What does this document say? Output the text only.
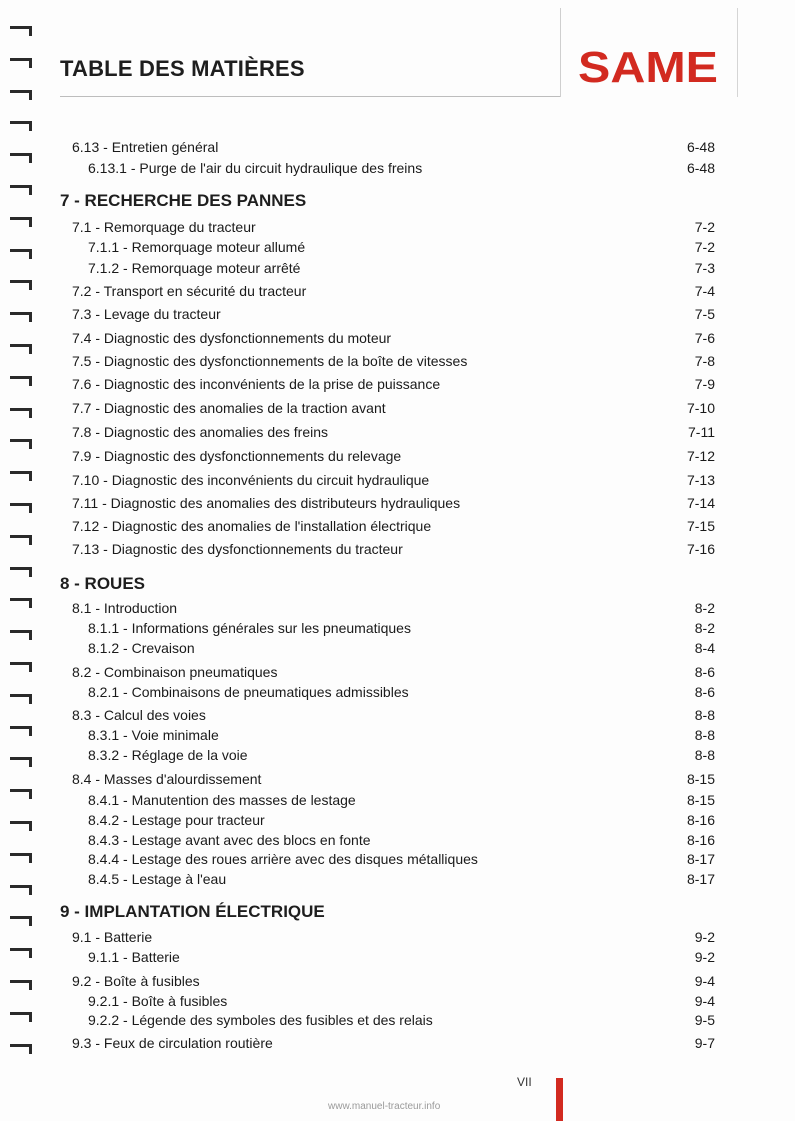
TABLE DES MATIÈRES	SAME
6.13 - Entretien général	6-48
6.13.1 - Purge de l'air du circuit hydraulique des freins	6-48
7 - RECHERCHE DES PANNES
7.1 - Remorquage du tracteur	7-2
7.1.1 - Remorquage moteur allumé	7-2
7.1.2 - Remorquage moteur arrêté	7-3
7.2 - Transport en sécurité du tracteur	7-4
7.3 - Levage du tracteur	7-5
7.4 - Diagnostic des dysfonctionnements du moteur	7-6
7.5 - Diagnostic des dysfonctionnements de la boîte de vitesses	7-8
7.6 - Diagnostic des inconvénients de la prise de puissance	7-9
7.7 - Diagnostic des anomalies de la traction avant	7-10
7.8 - Diagnostic des anomalies des freins	7-11
7.9 - Diagnostic des dysfonctionnements du relevage	7-12
7.10 - Diagnostic des inconvénients du circuit hydraulique	7-13
7.11 - Diagnostic des anomalies des distributeurs hydrauliques	7-14
7.12 - Diagnostic des anomalies de l'installation électrique	7-15
7.13 - Diagnostic des dysfonctionnements du tracteur	7-16
8 - ROUES
8.1 - Introduction	8-2
8.1.1 - Informations générales sur les pneumatiques	8-2
8.1.2 - Crevaison	8-4
8.2 - Combinaison pneumatiques	8-6
8.2.1 - Combinaisons de pneumatiques admissibles	8-6
8.3 - Calcul des voies	8-8
8.3.1 - Voie minimale	8-8
8.3.2 - Réglage de la voie	8-8
8.4 - Masses d'alourdissement	8-15
8.4.1 - Manutention des masses de lestage	8-15
8.4.2 - Lestage pour tracteur	8-16
8.4.3 - Lestage avant avec des blocs en fonte	8-16
8.4.4 - Lestage des roues arrière avec des disques métalliques	8-17
8.4.5 - Lestage à l'eau	8-17
9 - IMPLANTATION ÉLECTRIQUE
9.1 - Batterie	9-2
9.1.1 - Batterie	9-2
9.2 - Boîte à fusibles	9-4
9.2.1 - Boîte à fusibles	9-4
9.2.2 - Légende des symboles des fusibles et des relais	9-5
9.3 - Feux de circulation routière	9-7
VII
www.manuel-tracteur.info
